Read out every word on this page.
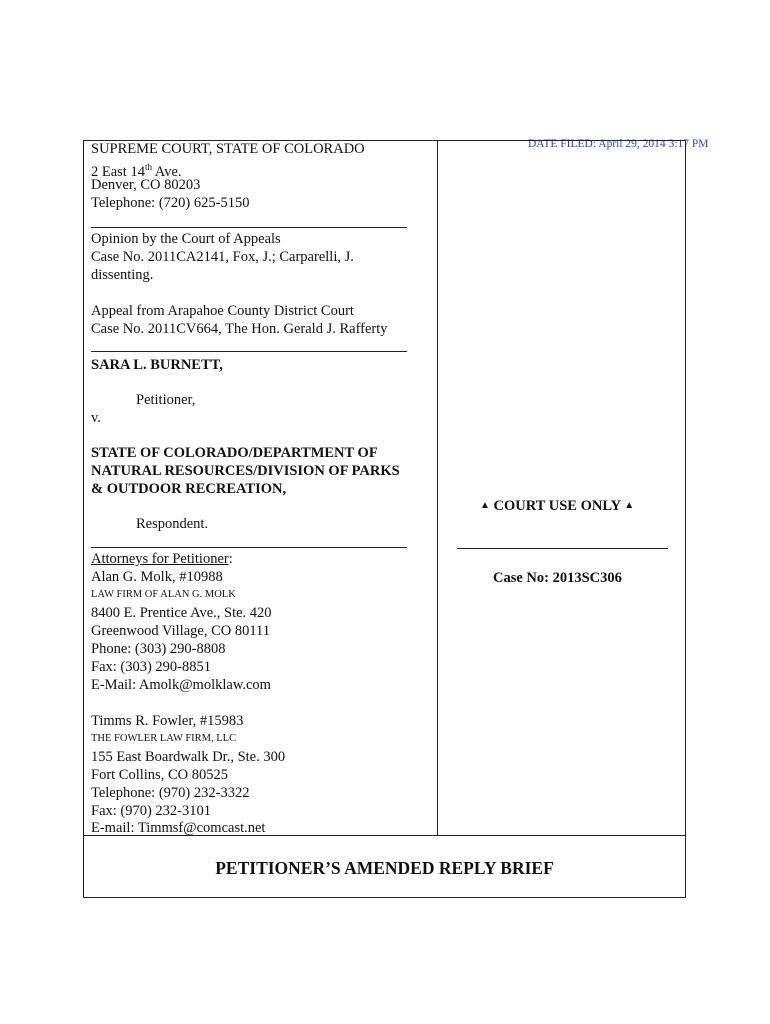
DATE FILED: April 29, 2014 3:17 PM
SUPREME COURT, STATE OF COLORADO
2 East 14th Ave.
Denver, CO 80203
Telephone: (720) 625-5150
Opinion by the Court of Appeals
Case No. 2011CA2141, Fox, J.; Carparelli, J.
dissenting.
Appeal from Arapahoe County District Court
Case No. 2011CV664, The Hon. Gerald J. Rafferty
SARA L. BURNETT,
Petitioner,
v.
STATE OF COLORADO/DEPARTMENT OF
NATURAL RESOURCES/DIVISION OF PARKS
& OUTDOOR RECREATION,
Respondent.
Attorneys for Petitioner:
Alan G. Molk, #10988
LAW FIRM OF ALAN G. MOLK
8400 E. Prentice Ave., Ste. 420
Greenwood Village, CO 80111
Phone: (303) 290-8808
Fax: (303) 290-8851
E-Mail: Amolk@molklaw.com
Timms R. Fowler, #15983
THE FOWLER LAW FIRM, LLC
155 East Boardwalk Dr., Ste. 300
Fort Collins, CO 80525
Telephone: (970) 232-3322
Fax: (970) 232-3101
E-mail: Timmsf@comcast.net
▲ COURT USE ONLY ▲
Case No: 2013SC306
PETITIONER’S AMENDED REPLY BRIEF
